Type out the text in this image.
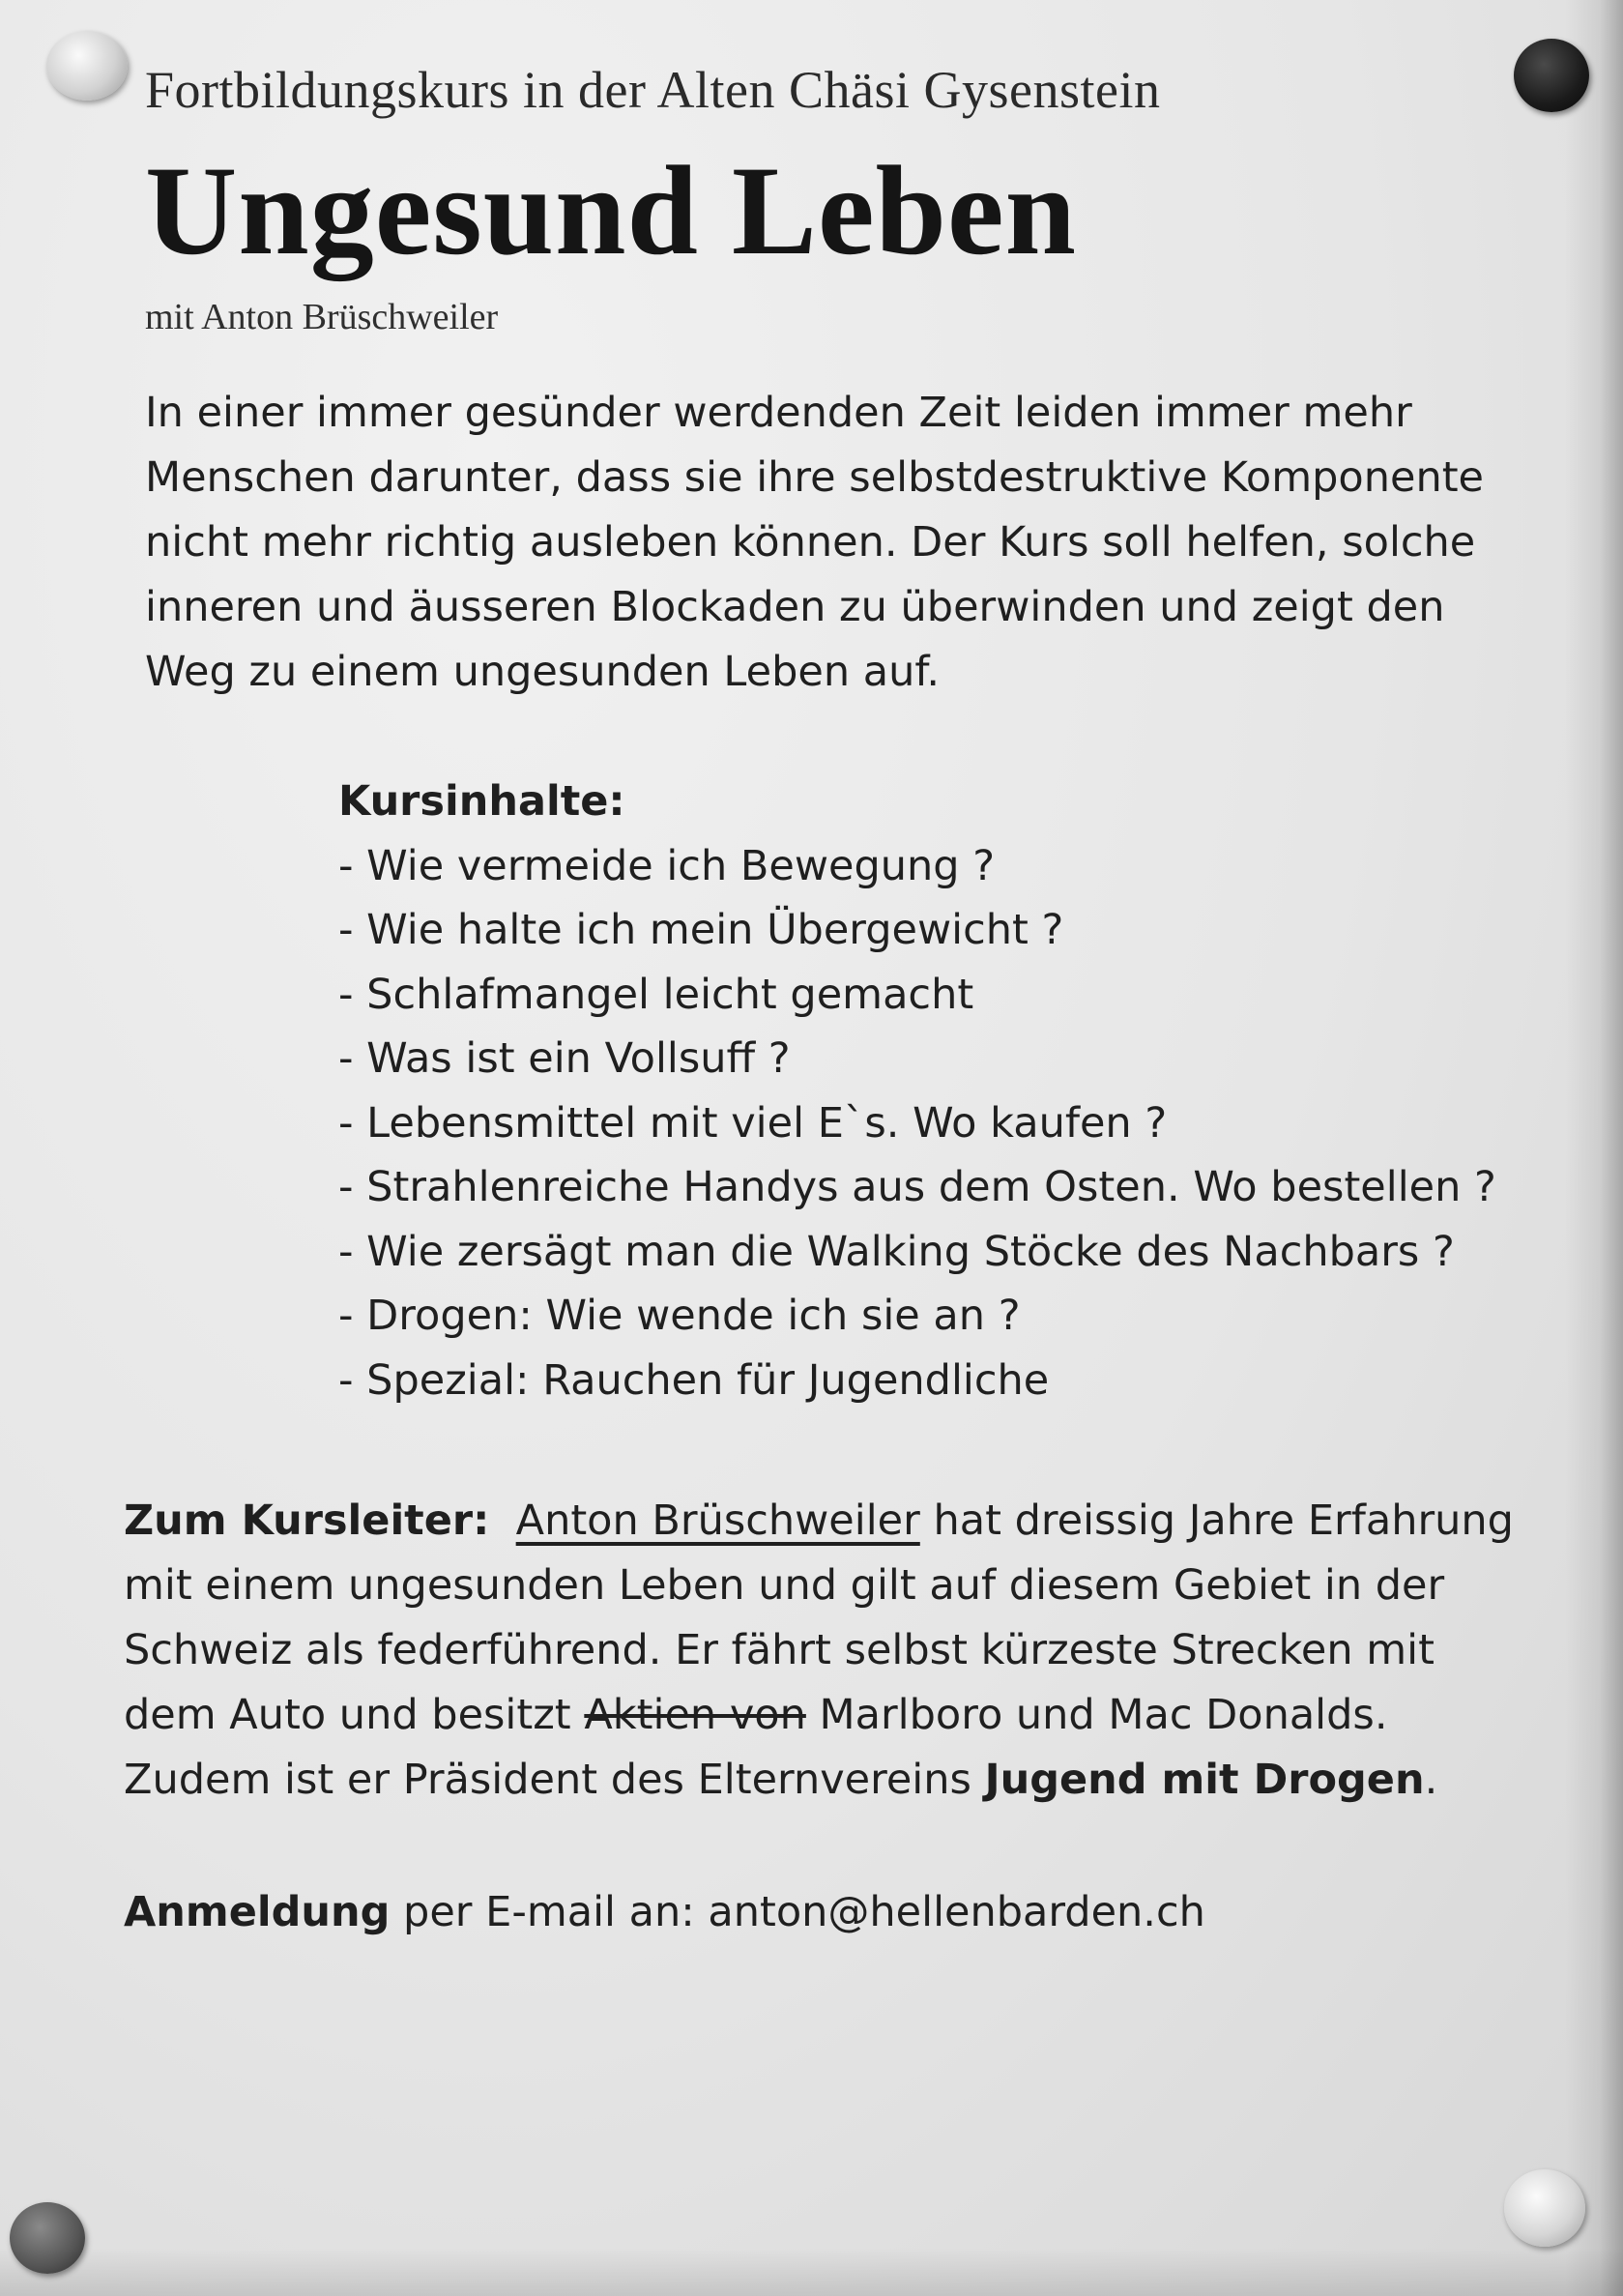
Fortbildungskurs in der Alten Chäsi Gysenstein
Ungesund Leben
mit Anton Brüschweiler
In einer immer gesünder werdenden Zeit leiden immer mehr
Menschen darunter, dass sie ihre selbstdestruktive Komponente
nicht mehr richtig ausleben können. Der Kurs soll helfen, solche
inneren und äusseren Blockaden zu überwinden und zeigt den
Weg zu einem ungesunden Leben auf.
Kursinhalte:
- Wie vermeide ich Bewegung ?
- Wie halte ich mein Übergewicht ?
- Schlafmangel leicht gemacht
- Was ist ein Vollsuff ?
- Lebensmittel mit viel E`s. Wo kaufen ?
- Strahlenreiche Handys aus dem Osten. Wo bestellen ?
- Wie zersägt man die Walking Stöcke des Nachbars ?
- Drogen: Wie wende ich sie an ?
- Spezial: Rauchen für Jugendliche
Zum Kursleiter: Anton Brüschweiler hat dreissig Jahre Erfahrung
mit einem ungesunden Leben und gilt auf diesem Gebiet in der
Schweiz als federführend. Er fährt selbst kürzeste Strecken mit
dem Auto und besitzt Aktien von Marlboro und Mac Donalds.
Zudem ist er Präsident des Elternvereins Jugend mit Drogen.
Anmeldung per E-mail an: anton@hellenbarden.ch
